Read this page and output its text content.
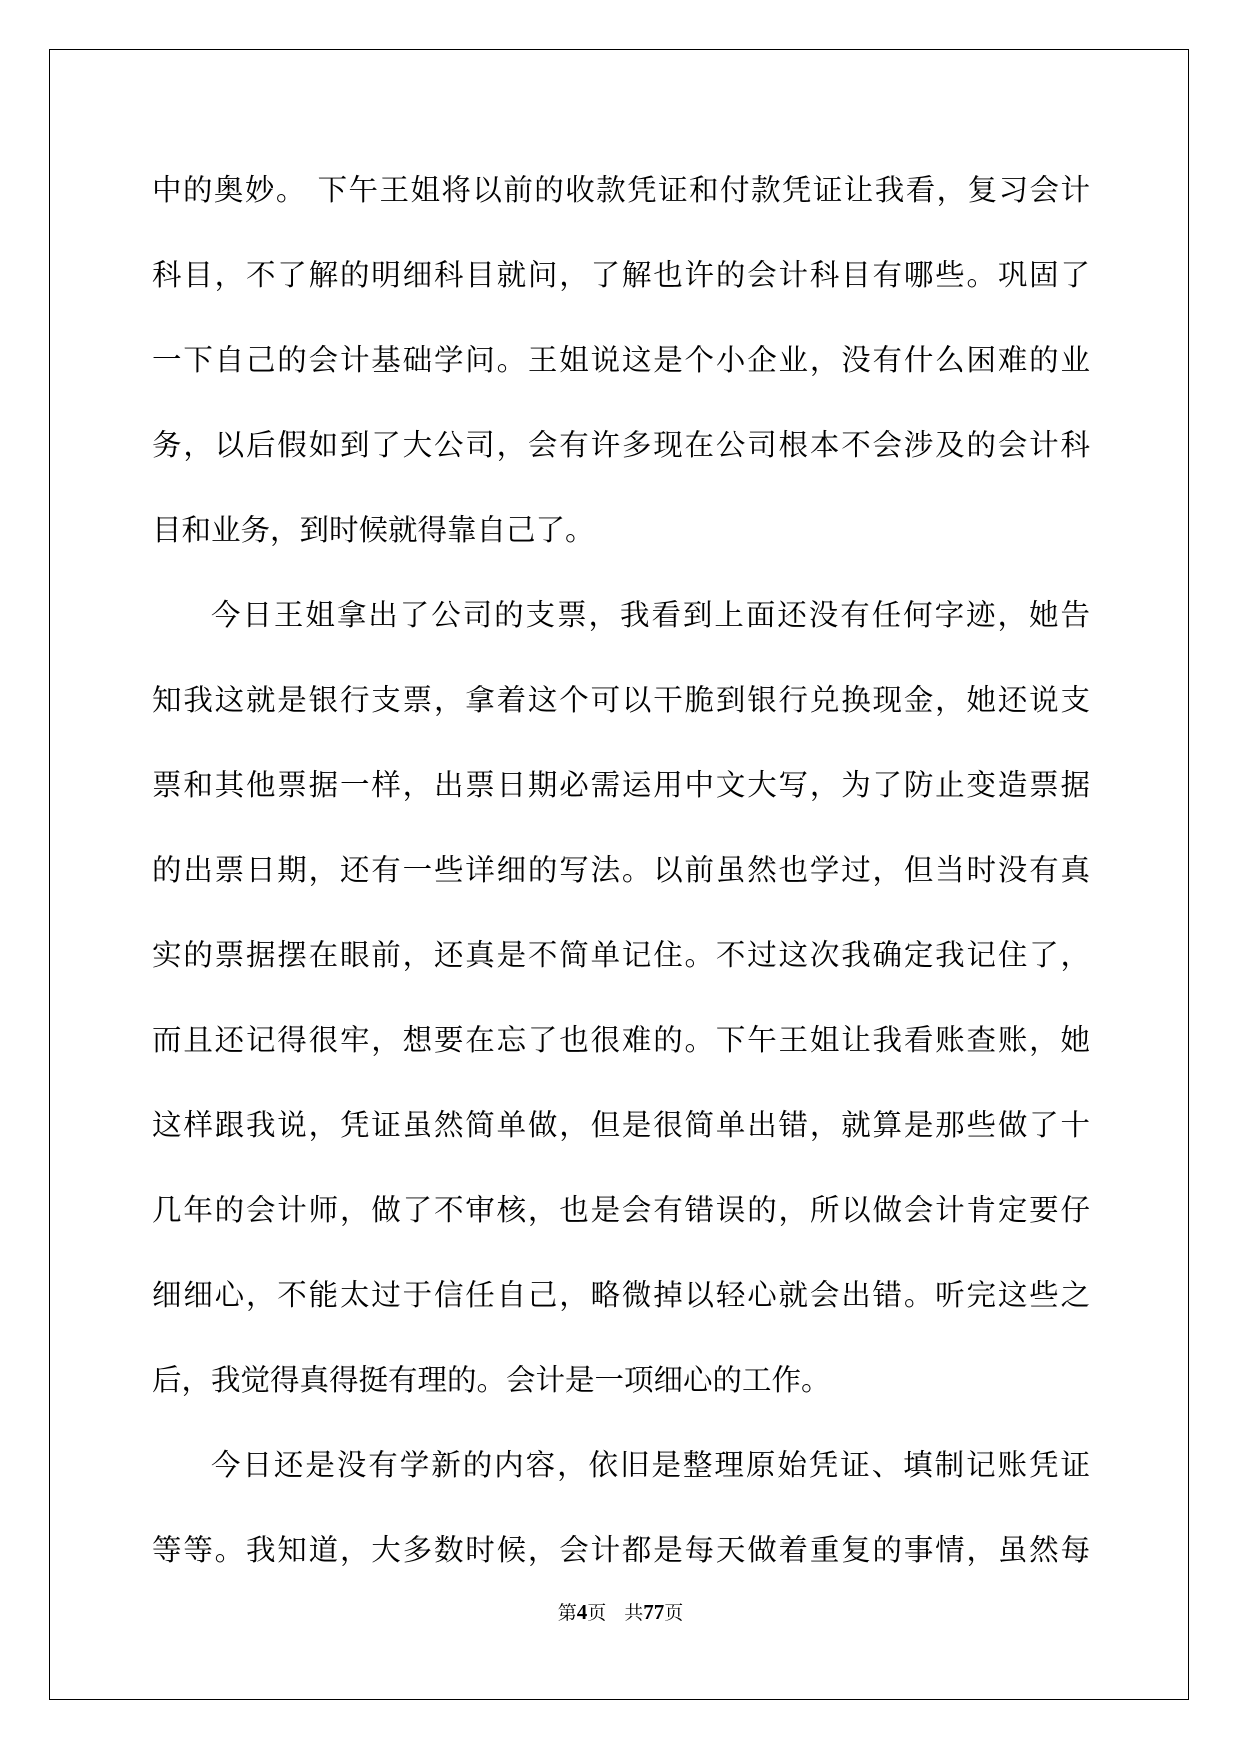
中的奥妙。 下午王姐将以前的收款凭证和付款凭证让我看，复习会计
科目，不了解的明细科目就问，了解也许的会计科目有哪些。巩固了
一下自己的会计基础学问。王姐说这是个小企业，没有什么困难的业
务，以后假如到了大公司，会有许多现在公司根本不会涉及的会计科
目和业务，到时候就得靠自己了。
今日王姐拿出了公司的支票，我看到上面还没有任何字迹，她告
知我这就是银行支票，拿着这个可以干脆到银行兑换现金，她还说支
票和其他票据一样，出票日期必需运用中文大写，为了防止变造票据
的出票日期，还有一些详细的写法。以前虽然也学过，但当时没有真
实的票据摆在眼前，还真是不简单记住。不过这次我确定我记住了，
而且还记得很牢，想要在忘了也很难的。下午王姐让我看账查账，她
这样跟我说，凭证虽然简单做，但是很简单出错，就算是那些做了十
几年的会计师，做了不审核，也是会有错误的，所以做会计肯定要仔
细细心，不能太过于信任自己，略微掉以轻心就会出错。听完这些之
后，我觉得真得挺有理的。会计是一项细心的工作。
今日还是没有学新的内容，依旧是整理原始凭证、填制记账凭证
等等。我知道，大多数时候，会计都是每天做着重复的事情，虽然每
第4页 共77页
